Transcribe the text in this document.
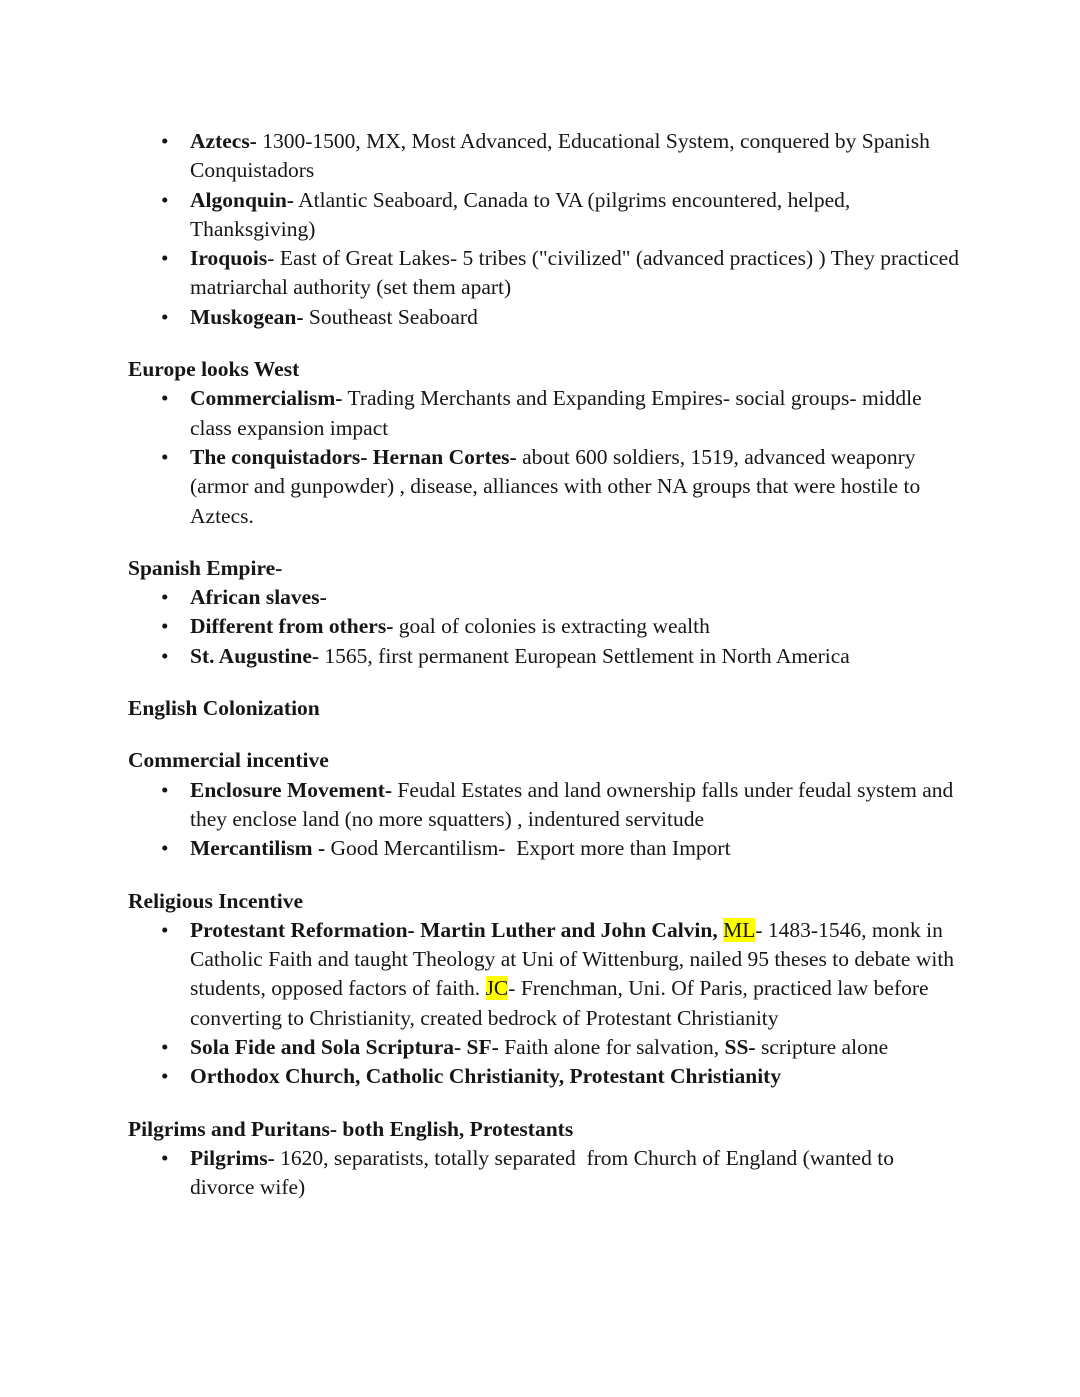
• Aztecs- 1300-1500, MX, Most Advanced, Educational System, conquered by Spanish Conquistadors
• Algonquin- Atlantic Seaboard, Canada to VA (pilgrims encountered, helped, Thanksgiving)
• Iroquois- East of Great Lakes- 5 tribes ("civilized" (advanced practices) ) They practiced matriarchal authority (set them apart)
• Muskogean- Southeast Seaboard
Europe looks West
• Commercialism- Trading Merchants and Expanding Empires- social groups- middle class expansion impact
• The conquistadors- Hernan Cortes- about 600 soldiers, 1519, advanced weaponry (armor and gunpowder) , disease, alliances with other NA groups that were hostile to Aztecs.
Spanish Empire-
• African slaves-
• Different from others- goal of colonies is extracting wealth
• St. Augustine- 1565, first permanent European Settlement in North America
English Colonization
Commercial incentive
• Enclosure Movement- Feudal Estates and land ownership falls under feudal system and they enclose land (no more squatters) , indentured servitude
• Mercantilism - Good Mercantilism-  Export more than Import
Religious Incentive
• Protestant Reformation- Martin Luther and John Calvin, ML- 1483-1546, monk in Catholic Faith and taught Theology at Uni of Wittenburg, nailed 95 theses to debate with students, opposed factors of faith. JC- Frenchman, Uni. Of Paris, practiced law before converting to Christianity, created bedrock of Protestant Christianity
• Sola Fide and Sola Scriptura- SF- Faith alone for salvation, SS- scripture alone
• Orthodox Church, Catholic Christianity, Protestant Christianity
Pilgrims and Puritans- both English, Protestants
• Pilgrims- 1620, separatists, totally separated  from Church of England (wanted to divorce wife)
